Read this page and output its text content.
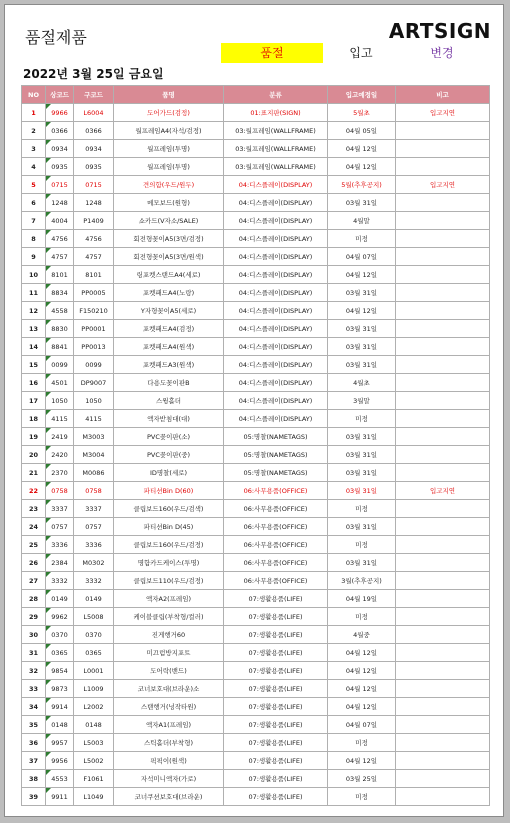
품절제품	ARTSIGN
품절	입고	변경
2022년 3월 25일 금요일
NO	상코드	구코드	품명	분류	입고예정일	비고
1	9966	L6004	도어가드(검정)	01:표지판(SIGN)	5월초	입고지연
2	0366	0366	월프레임A4(자석/검정)	03:월프레임(WALLFRAME)	04월 05일	
3	0934	0934	월프레임(투명)	03:월프레임(WALLFRAME)	04월 12일	
4	0935	0935	월프레임(투명)	03:월프레임(WALLFRAME)	04월 12일	
5	0715	0715	견의함(우드/원두)	04:디스플레이(DISPLAY)	5월(추후공지)	입고지연
6	1248	1248	메모보드(원형)	04:디스플레이(DISPLAY)	03월 31일	
7	4004	P1409	쇼카드(V자소/SALE)	04:디스플레이(DISPLAY)	4월말	
8	4756	4756	회전형꽂이A5(3면/검정)	04:디스플레이(DISPLAY)	미정	
9	4757	4757	회전형꽂이A5(3면/원색)	04:디스플레이(DISPLAY)	04월 07일	
10	8101	8101	링포켓스탠드A4(세로)	04:디스플레이(DISPLAY)	04월 12일	
11	8834	PP0005	포켓패드A4(노랑)	04:디스플레이(DISPLAY)	03월 31일	
12	4558	F150210	Y자형꽂이A5(세로)	04:디스플레이(DISPLAY)	04월 12일	
13	8830	PP0001	포켓패드A4(검정)	04:디스플레이(DISPLAY)	03월 31일	
14	8841	PP0013	포켓패드A4(원색)	04:디스플레이(DISPLAY)	03월 31일	
15	0099	0099	포켓패드A3(원색)	04:디스플레이(DISPLAY)	03월 31일	
16	4501	DP9007	다용도꽂이판B	04:디스플레이(DISPLAY)	4월초	
17	1050	1050	스윙홀더	04:디스플레이(DISPLAY)	3월말	
18	4115	4115	액자받침대(대)	04:디스플레이(DISPLAY)	미정	
19	2419	M3003	PVC꽂이판(소)	05:명찰(NAMETAGS)	03월 31일	
20	2420	M3004	PVC꽂이판(중)	05:명찰(NAMETAGS)	03월 31일	
21	2370	M0086	ID명찰(세로)	05:명찰(NAMETAGS)	03월 31일	
22	0758	0758	파티션Bin D(60)	06:사무용품(OFFICE)	03월 31일	입고지연
23	3337	3337	클립보드160(우드/검색)	06:사무용품(OFFICE)	미정	
24	0757	0757	파티션Bin D(45)	06:사무용품(OFFICE)	03월 31일	
25	3336	3336	클립보드160(우드/검정)	06:사무용품(OFFICE)	미정	
26	2384	M0302	명함카드케이스(투명)	06:사무용품(OFFICE)	03월 31일	
27	3332	3332	클립보드110(우드/검정)	06:사무용품(OFFICE)	3월(추후공지)	
28	0149	0149	액자A2(프레임)	07:생활용품(LIFE)	04월 19일	
29	9962	L5008	케이블클립(부착형/컬러)	07:생활용품(LIFE)	미정	
30	0370	0370	진게행거60	07:생활용품(LIFE)	4월중	
31	0365	0365	미끄럼방지포트	07:생활용품(LIFE)	04월 12일	
32	9854	L0001	도어락(밴드)	07:생활용품(LIFE)	04월 12일	
33	9873	L1009	코너보호대(브라운)소	07:생활용품(LIFE)	04월 12일	
34	9914	L2002	스탠행거(넝작타원)	07:생활용품(LIFE)	04월 12일	
35	0148	0148	액자A1(프레임)	07:생활용품(LIFE)	04월 07일	
36	9957	L5003	스틱홀더(부착형)	07:생활용품(LIFE)	미정	
37	9956	L5002	픽픽이(원색)	07:생활용품(LIFE)	04월 12일	
38	4553	F1061	자석미니액자(가로)	07:생활용품(LIFE)	03월 25일	
39	9911	L1049	코너쿠션보호대(브라운)	07:생활용품(LIFE)	미정	
